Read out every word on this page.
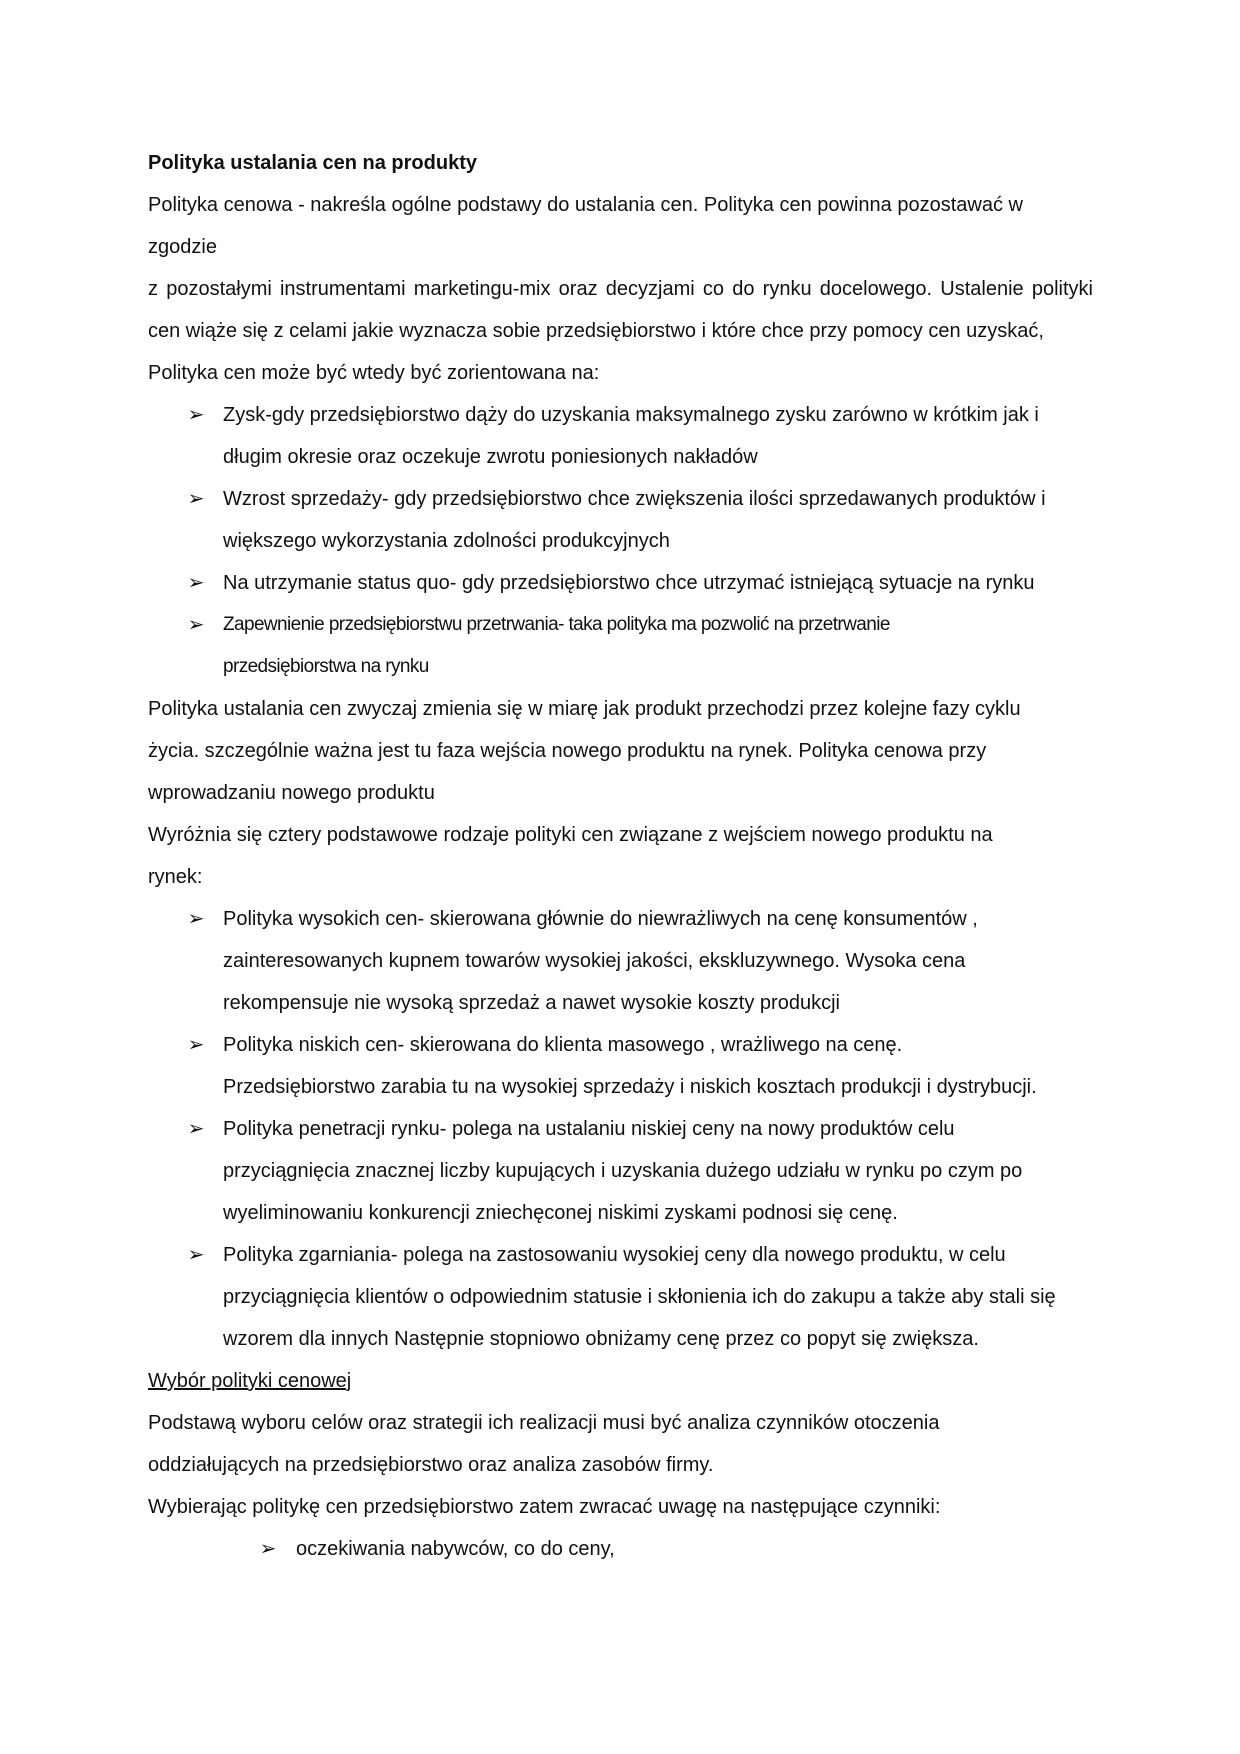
Polityka ustalania cen na produkty

Polityka cenowa - nakreśla ogólne podstawy do ustalania cen. Polityka cen powinna pozostawać w zgodzie

z pozostałymi instrumentami marketingu-mix oraz decyzjami co do rynku docelowego. Ustalenie polityki cen wiąże się z celami jakie wyznacza sobie przedsiębiorstwo i które chce przy pomocy cen uzyskać,

Polityka cen może być wtedy być zorientowana na:

➢ Zysk-gdy przedsiębiorstwo dąży do uzyskania maksymalnego zysku zarówno w krótkim jak i długim okresie oraz oczekuje zwrotu poniesionych nakładów
➢ Wzrost sprzedaży- gdy przedsiębiorstwo chce zwiększenia ilości sprzedawanych produktów i większego wykorzystania zdolności produkcyjnych
➢ Na utrzymanie status quo- gdy przedsiębiorstwo chce utrzymać istniejącą sytuacje na rynku
➢ Zapewnienie przedsiębiorstwu przetrwania- taka polityka ma pozwolić na przetrwanie przedsiębiorstwa na rynku

Polityka ustalania cen zwyczaj zmienia się w miarę jak produkt przechodzi przez kolejne fazy cyklu życia. szczególnie ważna jest tu faza wejścia nowego produktu na rynek. Polityka cenowa przy wprowadzaniu nowego produktu

Wyróżnia się cztery podstawowe rodzaje polityki cen związane z wejściem nowego produktu na rynek:

➢ Polityka wysokich cen- skierowana głównie do niewrażliwych na cenę konsumentów , zainteresowanych kupnem towarów wysokiej jakości, ekskluzywnego. Wysoka cena rekompensuje nie wysoką sprzedaż a nawet wysokie koszty produkcji
➢ Polityka niskich cen- skierowana do klienta masowego , wrażliwego na cenę. Przedsiębiorstwo zarabia tu na wysokiej sprzedaży i niskich kosztach produkcji i dystrybucji.
➢ Polityka penetracji rynku- polega na ustalaniu niskiej ceny na nowy produktów celu przyciągnięcia znacznej liczby kupujących i uzyskania dużego udziału w rynku po czym po wyeliminowaniu konkurencji zniechęconej niskimi zyskami podnosi się cenę.
➢ Polityka zgarniania- polega na zastosowaniu wysokiej ceny dla nowego produktu, w celu przyciągnięcia klientów o odpowiednim statusie i skłonienia ich do zakupu a także aby stali się wzorem dla innych Następnie stopniowo obniżamy cenę przez co popyt się zwiększa.

Wybór polityki cenowej

Podstawą wyboru celów oraz strategii ich realizacji musi być analiza czynników otoczenia oddziałujących na przedsiębiorstwo oraz analiza zasobów firmy.

Wybierając politykę cen przedsiębiorstwo zatem zwracać uwagę na następujące czynniki:

➢ oczekiwania nabywców, co do ceny,
